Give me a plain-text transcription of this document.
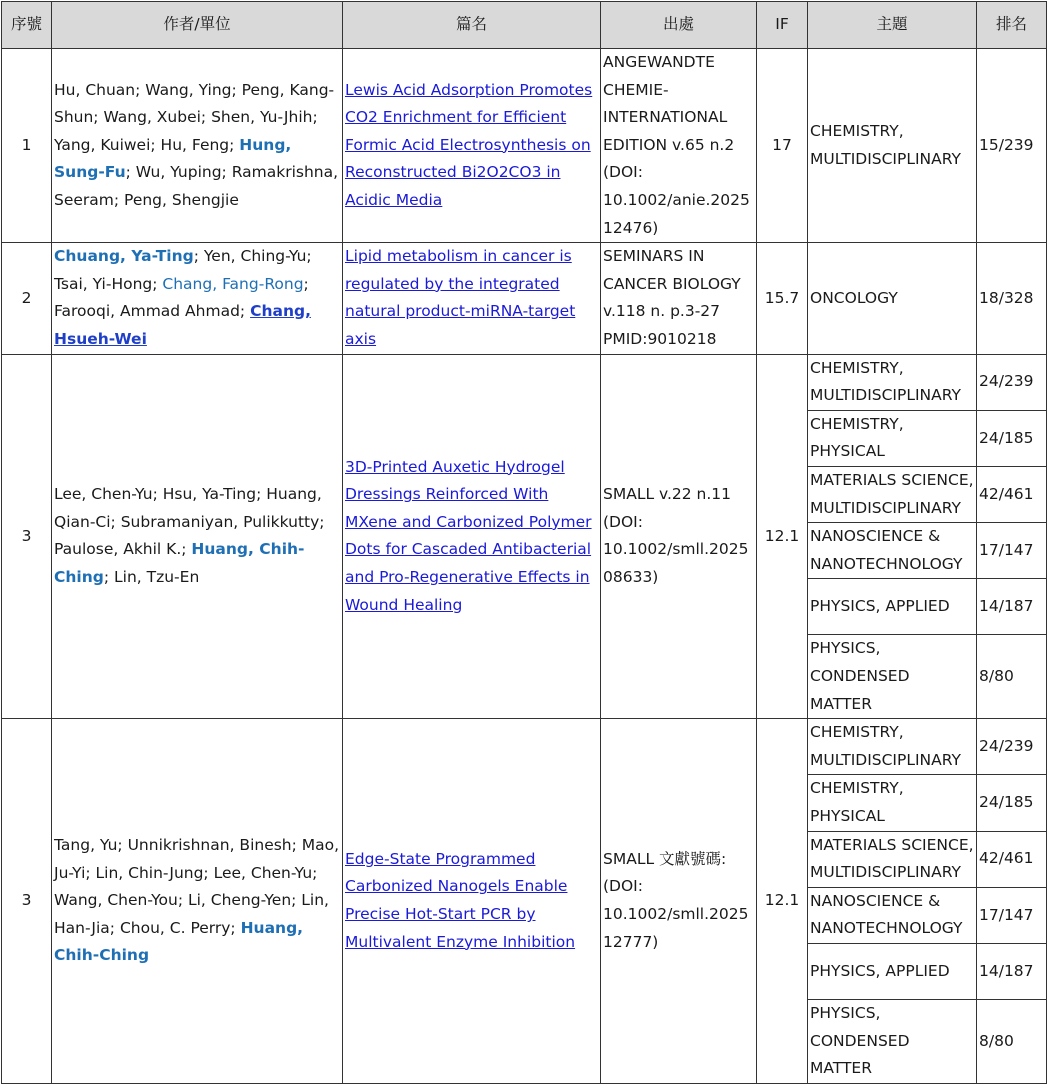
序號	作者/單位	篇名	出處	IF	主題	排名
1	Hu, Chuan; Wang, Ying; Peng, Kang-Shun; Wang, Xubei; Shen, Yu-Jhih; Yang, Kuiwei; Hu, Feng; Hung, Sung-Fu; Wu, Yuping; Ramakrishna, Seeram; Peng, Shengjie	Lewis Acid Adsorption Promotes CO2 Enrichment for Efficient Formic Acid Electrosynthesis on Reconstructed Bi2O2CO3 in Acidic Media	ANGEWANDTE CHEMIE-INTERNATIONAL EDITION v.65 n.2 (DOI: 10.1002/anie.202512476)	17	CHEMISTRY, MULTIDISCIPLINARY	15/239
2	Chuang, Ya-Ting; Yen, Ching-Yu; Tsai, Yi-Hong; Chang, Fang-Rong; Farooqi, Ammad Ahmad; Chang, Hsueh-Wei	Lipid metabolism in cancer is regulated by the integrated natural product-miRNA-target axis	SEMINARS IN CANCER BIOLOGY v.118 n. p.3-27 PMID:9010218	15.7	ONCOLOGY	18/328
3	Lee, Chen-Yu; Hsu, Ya-Ting; Huang, Qian-Ci; Subramaniyan, Pulikkutty; Paulose, Akhil K.; Huang, Chih-Ching; Lin, Tzu-En	3D-Printed Auxetic Hydrogel Dressings Reinforced With MXene and Carbonized Polymer Dots for Cascaded Antibacterial and Pro-Regenerative Effects in Wound Healing	SMALL v.22 n.11 (DOI: 10.1002/smll.202508633)	12.1	CHEMISTRY, MULTIDISCIPLINARY	24/239
					CHEMISTRY, PHYSICAL	24/185
					MATERIALS SCIENCE, MULTIDISCIPLINARY	42/461
					NANOSCIENCE & NANOTECHNOLOGY	17/147
					PHYSICS, APPLIED	14/187
					PHYSICS, CONDENSED MATTER	8/80
3	Tang, Yu; Unnikrishnan, Binesh; Mao, Ju-Yi; Lin, Chin-Jung; Lee, Chen-Yu; Wang, Chen-You; Li, Cheng-Yen; Lin, Han-Jia; Chou, C. Perry; Huang, Chih-Ching	Edge-State Programmed Carbonized Nanogels Enable Precise Hot-Start PCR by Multivalent Enzyme Inhibition	SMALL 文獻號碼: (DOI: 10.1002/smll.202512777)	12.1	CHEMISTRY, MULTIDISCIPLINARY	24/239
					CHEMISTRY, PHYSICAL	24/185
					MATERIALS SCIENCE, MULTIDISCIPLINARY	42/461
					NANOSCIENCE & NANOTECHNOLOGY	17/147
					PHYSICS, APPLIED	14/187
					PHYSICS, CONDENSED MATTER	8/80
